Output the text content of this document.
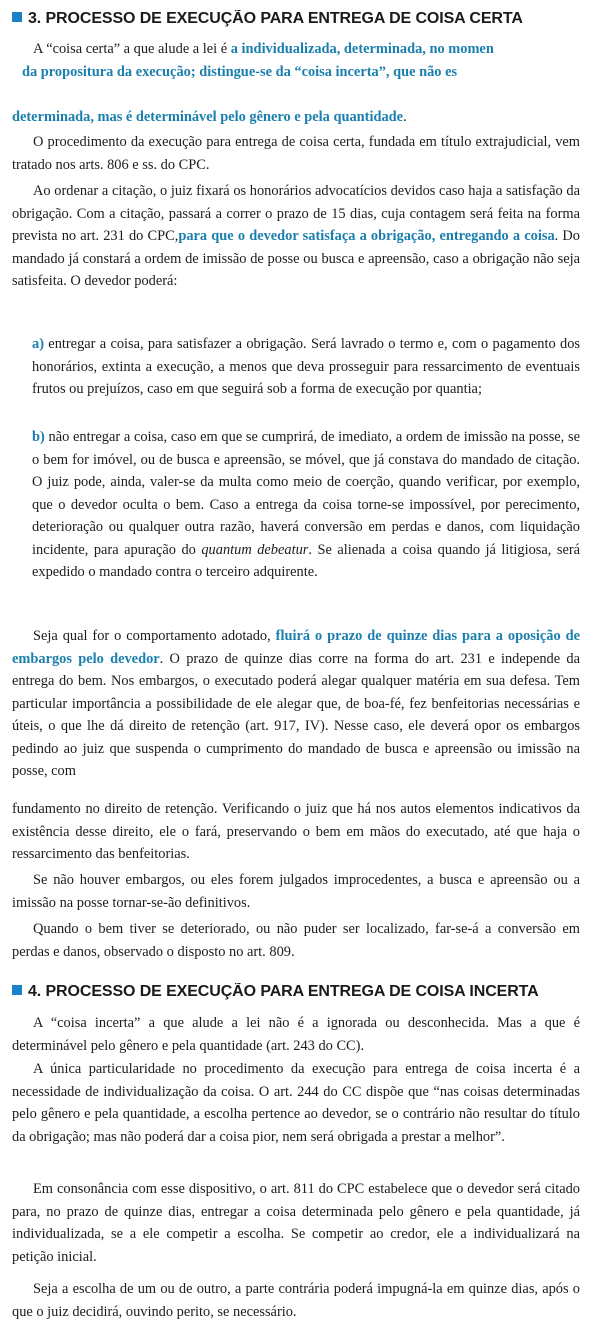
3. PROCESSO DE EXECUÇÃO PARA ENTREGA DE COISA CERTA

A “coisa certa” a que alude a lei é a individualizada, determinada, no momen

da propositura da execução; distingue-se da “coisa incerta”, que não es

determinada, mas é determinável pelo gênero e pela quantidade.

O procedimento da execução para entrega de coisa certa, fundada em título extrajudicial, vem tratado nos arts. 806 e ss. do CPC.

Ao ordenar a citação, o juiz fixará os honorários advocatícios devidos caso haja a satisfação da obrigação. Com a citação, passará a correr o prazo de 15 dias, cuja contagem será feita na forma prevista no art. 231 do CPC,para que o devedor satisfaça a obrigação, entregando a coisa. Do mandado já constará a ordem de imissão de posse ou busca e apreensão, caso a obrigação não seja satisfeita. O devedor poderá:

a) entregar a coisa, para satisfazer a obrigação. Será lavrado o termo e, com o pagamento dos honorários, extinta a execução, a menos que deva prosseguir para ressarcimento de eventuais frutos ou prejuízos, caso em que seguirá sob a forma de execução por quantia;

b) não entregar a coisa, caso em que se cumprirá, de imediato, a ordem de imissão na posse, se o bem for imóvel, ou de busca e apreensão, se móvel, que já constava do mandado de citação. O juiz pode, ainda, valer-se da multa como meio de coerção, quando verificar, por exemplo, que o devedor oculta o bem. Caso a entrega da coisa torne-se impossível, por perecimento, deterioração ou qualquer outra razão, haverá conversão em perdas e danos, com liquidação incidente, para apuração do quantum debeatur. Se alienada a coisa quando já litigiosa, será expedido o mandado contra o terceiro adquirente.

Seja qual for o comportamento adotado, fluirá o prazo de quinze dias para a oposição de embargos pelo devedor. O prazo de quinze dias corre na forma do art. 231 e independe da entrega do bem. Nos embargos, o executado poderá alegar qualquer matéria em sua defesa. Tem particular importância a possibilidade de ele alegar que, de boa-fé, fez benfeitorias necessárias e úteis, o que lhe dá direito de retenção (art. 917, IV). Nesse caso, ele deverá opor os embargos pedindo ao juiz que suspenda o cumprimento do mandado de busca e apreensão ou imissão na posse, com

fundamento no direito de retenção. Verificando o juiz que há nos autos elementos indicativos da existência desse direito, ele o fará, preservando o bem em mãos do executado, até que haja o ressarcimento das benfeitorias.

Se não houver embargos, ou eles forem julgados improcedentes, a busca e apreensão ou a imissão na posse tornar-se-ão definitivos.

Quando o bem tiver se deteriorado, ou não puder ser localizado, far-se-á a conversão em perdas e danos, observado o disposto no art. 809.

4. PROCESSO DE EXECUÇÃO PARA ENTREGA DE COISA INCERTA

A “coisa incerta” a que alude a lei não é a ignorada ou desconhecida. Mas a que é determinável pelo gênero e pela quantidade (art. 243 do CC).

A única particularidade no procedimento da execução para entrega de coisa incerta é a necessidade de individualização da coisa. O art. 244 do CC dispõe que “nas coisas determinadas pelo gênero e pela quantidade, a escolha pertence ao devedor, se o contrário não resultar do título da obrigação; mas não poderá dar a coisa pior, nem será obrigada a prestar a melhor”.

Em consonância com esse dispositivo, o art. 811 do CPC estabelece que o devedor será citado para, no prazo de quinze dias, entregar a coisa determinada pelo gênero e pela quantidade, já individualizada, se a ele competir a escolha. Se competir ao credor, ele a individualizará na petição inicial.

Seja a escolha de um ou de outro, a parte contrária poderá impugná-la em quinze dias, após o que o juiz decidirá, ouvindo perito, se necessário.
